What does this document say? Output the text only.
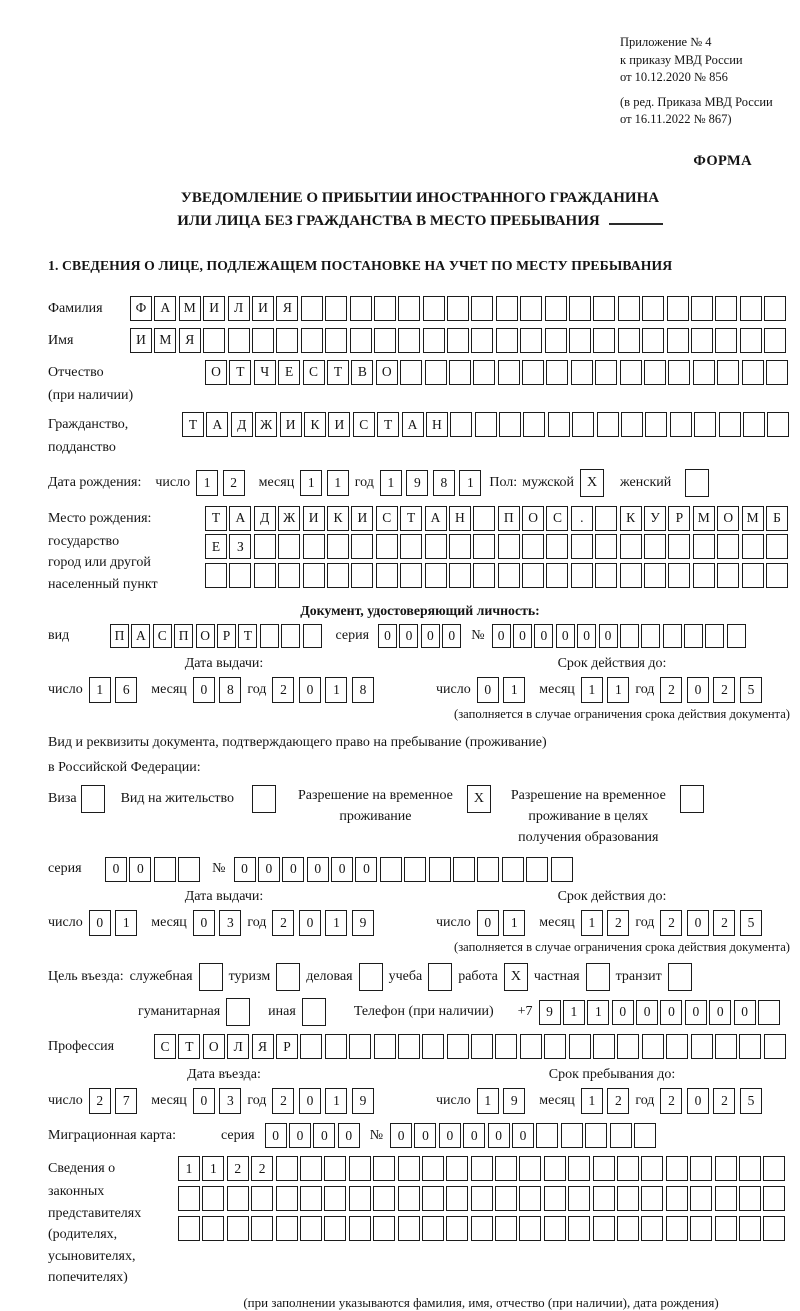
Приложение № 4
к приказу МВД России
от 10.12.2020 № 856
(в ред. Приказа МВД России
от 16.11.2022 № 867)
ФОРМА
УВЕДОМЛЕНИЕ О ПРИБЫТИИ ИНОСТРАННОГО ГРАЖДАНИНА
ИЛИ ЛИЦА БЕЗ ГРАЖДАНСТВА В МЕСТО ПРЕБЫВАНИЯ
1. СВЕДЕНИЯ О ЛИЦЕ, ПОДЛЕЖАЩЕМ ПОСТАНОВКЕ НА УЧЕТ ПО МЕСТУ ПРЕБЫВАНИЯ
Фамилия	Ф	А	М	И	Л	И	Я
Имя	И	М	Я
Отчество
(при наличии)
О	Т	Ч	Е	С	Т	В	О
Гражданство,
подданство
Т	А	Д	Ж И	К	И	С	Т	А	Н
Дата рождения: число	1	2	месяц	1	1 год	1	9	8	1	Пол: мужской X	женский
Место рождения:
государство
город или другой
населенный пункт
Т	А	Д	Ж И	К	И	С	Т	А	Н	П	О	С	.	К	У	Р	М	О	М	Б

Е	З

Документ, удостоверяющий личность:
вид	П А С П О Р	Т	серия	0	0	0	0	№ 0	0	0	0	0	0
Дата выдачи:
число	1	6	месяц	0	8 год	2	0	1	8
Срок действия до:
число	0	1	месяц	1	1 год	2	0	2	5
(заполняется в случае ограничения срока действия документа)
Вид и реквизиты документа, подтверждающего право на пребывание (проживание)
в Российской Федерации:
Виза	Вид на жительство	Разрешение на временное
проживание
X	Разрешение на временное
проживание в целях
получения образования
серия	0	0	№	0	0	0	0	0	0
Дата выдачи:
число	0	1	месяц	0	3 год	2	0	1	9
Срок действия до:
число	0	1	месяц	1	2 год	2	0	2	5
(заполняется в случае ограничения срока действия документа)
Цель въезда: служебная	туризм	деловая	учеба	работа X частная	транзит
гуманитарная	иная	Телефон (при наличии) +7	9	1	1	0	0	0	0	0	0
Профессия	С	Т	О	Л	Я	Р
Дата въезда:
число	2	7	месяц	0	3 год	2	0	1	9
Срок пребывания до:
число	1	9	месяц	1	2 год	2	0	2	5
Миграционная карта:	серия	0	0	0	0	№	0	0	0	0	0	0
Сведения о
законных
представителях
(родителях,
усыновителях,
попечителях)
1	1	2	2

(при заполнении указываются фамилия, имя, отчество (при наличии), дата рождения)
